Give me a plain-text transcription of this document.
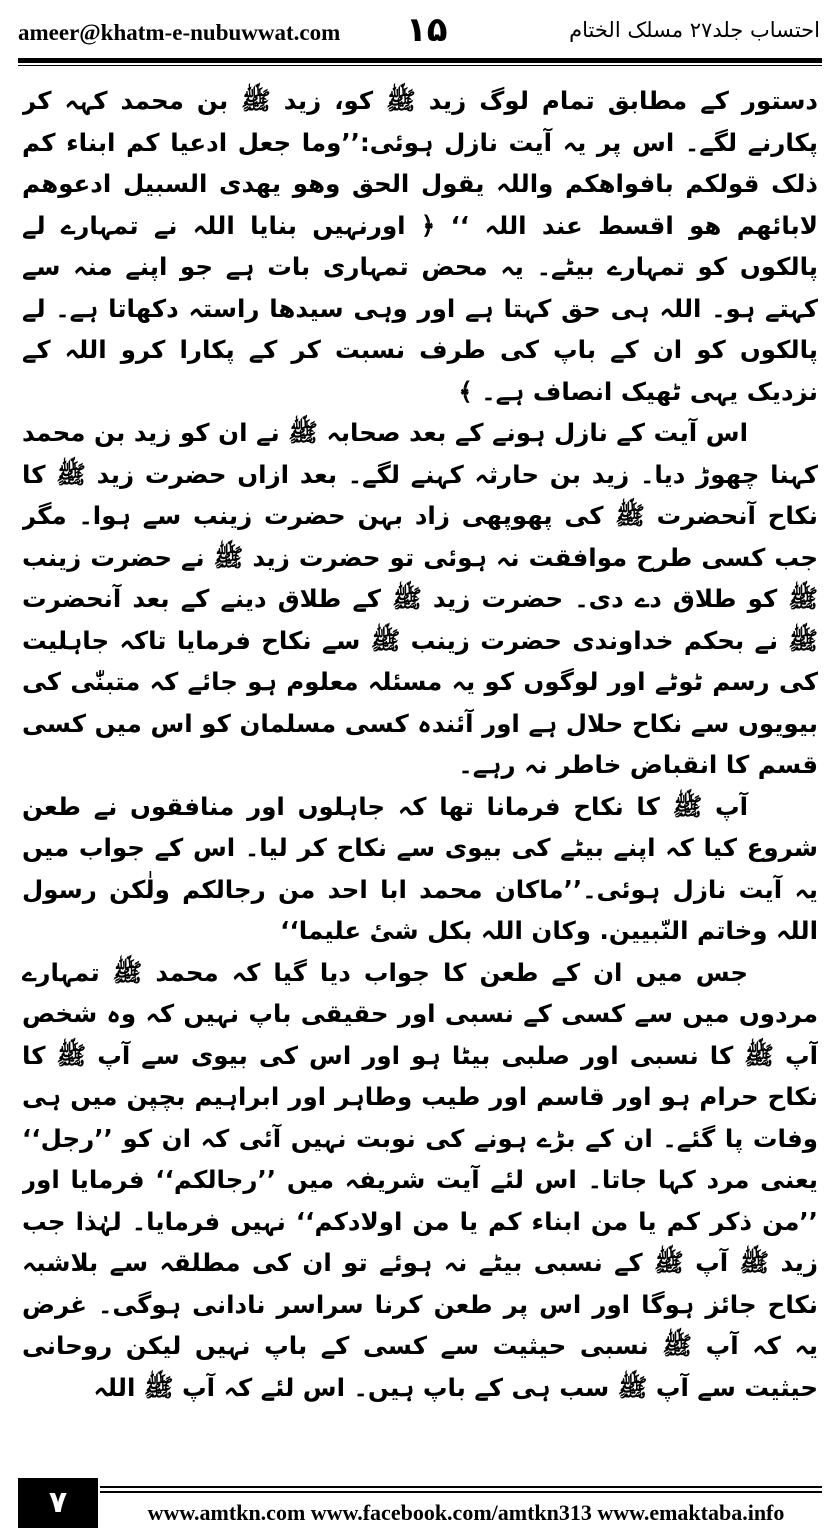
ameer@khatm-e-nubuwwat.com ۱۵	احتساب جلد۲۷ مسلک الختام

دستور کے مطابق تمام لوگ زید ﷺ کو، زید ﷺ بن محمد کہہ کر پکارنے لگے۔ اس پر یہ آیت نازل ہوئی:’’وما جعل ادعیا کم ابناء کم ذلک قولکم بافواھکم واللہ یقول الحق وھو یھدی السبیل ادعوھم لابائھم ھو اقسط عند اللہ ‘‘ ﴿ اورنہیں بنایا اللہ نے تمہارے لے پالکوں کو تمہارے بیٹے۔ یہ محض تمہاری بات ہے جو اپنے منہ سے کہتے ہو۔ اللہ ہی حق کہتا ہے اور وہی سیدھا راستہ دکھاتا ہے۔ لے پالکوں کو ان کے باپ کی طرف نسبت کر کے پکارا کرو اللہ کے نزدیک یہی ٹھیک انصاف ہے۔ ﴾

اس آیت کے نازل ہونے کے بعد صحابہ ﷺ نے ان کو زید بن محمد کہنا چھوڑ دیا۔ زید بن حارثہ کہنے لگے۔ بعد ازاں حضرت زید ﷺ کا نکاح آنحضرت ﷺ کی پھوپھی زاد بہن حضرت زینب سے ہوا۔ مگر جب کسی طرح موافقت نہ ہوئی تو حضرت زید ﷺ نے حضرت زینب ﷺ کو طلاق دے دی۔ حضرت زید ﷺ کے طلاق دینے کے بعد آنحضرت ﷺ نے بحکم خداوندی حضرت زینب ﷺ سے نکاح فرمایا تاکہ جاہلیت کی رسم ٹوٹے اور لوگوں کو یہ مسئلہ معلوم ہو جائے کہ متبنّٰی کی بیویوں سے نکاح حلال ہے اور آئندہ کسی مسلمان کو اس میں کسی قسم کا انقباض خاطر نہ رہے۔

آپ ﷺ کا نکاح فرمانا تھا کہ جاہلوں اور منافقوں نے طعن شروع کیا کہ اپنے بیٹے کی بیوی سے نکاح کر لیا۔ اس کے جواب میں یہ آیت نازل ہوئی۔’’ماکان محمد ابا احد من رجالکم ولٰکن رسول اللہ وخاتم النّبیین. وکان اللہ بکل شیٔ علیما‘‘

جس میں ان کے طعن کا جواب دیا گیا کہ محمد ﷺ تمہارے مردوں میں سے کسی کے نسبی اور حقیقی باپ نہیں کہ وہ شخص آپ ﷺ کا نسبی اور صلبی بیٹا ہو اور اس کی بیوی سے آپ ﷺ کا نکاح حرام ہو اور قاسم اور طیب وطاہر اور ابراہیم بچپن میں ہی وفات پا گئے۔ ان کے بڑے ہونے کی نوبت نہیں آئی کہ ان کو ’’رجل‘‘ یعنی مرد کہا جاتا۔ اس لئے آیت شریفہ میں ’’رجالکم‘‘ فرمایا اور ’’من ذکر کم یا من ابناء کم یا من اولادکم‘‘ نہیں فرمایا۔ لہٰذا جب زید ﷺ آپ ﷺ کے نسبی بیٹے نہ ہوئے تو ان کی مطلقہ سے بلاشبہ نکاح جائز ہوگا اور اس پر طعن کرنا سراسر نادانی ہوگی۔ غرض یہ کہ آپ ﷺ نسبی حیثیت سے کسی کے باپ نہیں لیکن روحانی حیثیت سے آپ ﷺ سب ہی کے باپ ہیں۔ اس لئے کہ آپ ﷺ اللہ

۷	www.amtkn.com www.facebook.com/amtkn313 www.emaktaba.info
